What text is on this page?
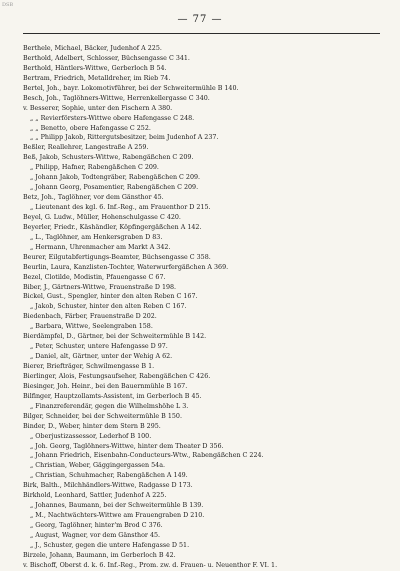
DSB
— 77 —
Berthele, Michael, Bäcker, Judenhof A 225.
Berthold, Adelbert, Schlosser, Büchsengasse C 341.
Berthold, Häntlers-Wittwe, Gerberloch B 54.
Bertram, Friedrich, Metalldreher, im Rieb 74.
Bertel, Joh., bayr. Lokomotivführer, bei der Schweitermühle B 140.
Besch, Joh., Taglöhners-Wittwe, Herrenkellergasse C 340.
v. Besserer, Sophie, unter den Fischern A 380.
„ „ Revierförsters-Wittwe obere Hafengasse C 248.
„ „ Benetto, obere Hafengasse C 252.
„ „ Philipp Jakob, Rittergutsbesitzer, beim Judenhof A 237.
Beßler, Reallehrer, Langestraße A 259.
Beß, Jakob, Schusters-Wittwe, Rabengäßchen C 209.
„ Philipp, Hafner, Rabengäßchen C 209.
„ Johann Jakob, Todtengräber, Rabengäßchen C 209.
„ Johann Georg, Posamentier, Rabengäßchen C 209.
Betz, Joh., Taglöhner, vor dem Gänsthor 45.
„ Lieutenant des kgl. 6. Inf.-Reg., am Frauenthor D 215.
Beyel, G. Ludw., Müller, Hohenschulgasse C 420.
Beyerler, Friedr., Käshändler, Köpfingergäßchen A 142.
„ L., Taglöhner, am Henkersgraben D 83.
„ Hermann, Uhrenmacher am Markt A 342.
Beurer, Eilgutabfertigungs-Beamter, Büchsengasse C 358.
Beurlin, Laura, Kanzlisten-Tochter, Waterwurfergäßchen A 369.
Bezel, Clotilde, Modistin, Pfauengasse C 67.
Biber, J., Gärtners-Wittwe, Frauenstraße D 198.
Bickel, Gust., Spengler, hinter den alten Reben C 167.
„ Jakob, Schuster, hinter den alten Reben C 167.
Biedenbach, Färber, Frauenstraße D 202.
„ Barbara, Wittwe, Seelengraben 158.
Bierdämpfel, D., Gärtner, bei der Schweitermühle B 142.
„ Peter, Schuster, untere Hafengasse D 97.
„ Daniel, alt, Gärtner, unter der Wehig A 62.
Bierer, Briefträger, Schwilmengasse B 1.
Bierlinger, Alois, Festungsaufseher, Rabengäßchen C 426.
Biesinger, Joh. Heinr., bei den Bauernmühle B 167.
Bilfinger, Hauptzollamts-Assistent, im Gerberloch B 45.
„ Finanzreferendär, gegen die Wilhelmshöhe L 3.
Bilger, Schneider, bei der Schweitermühle B 150.
Binder, D., Weber, hinter dem Stern B 295.
„ Oberjustizassessor, Lederhof B 100.
„ Joh. Georg, Taglöhners-Wittwe, hinter dem Theater D 356.
„ Johann Friedrich, Eisenbahn-Conducteurs-Wtw., Rabengäßchen C 224.
„ Christian, Weber, Gäggingergassen 54a.
„ Christian, Schuhmacher, Rabengäßchen A 149.
Birk, Balth., Milchhändlers-Wittwe, Radgasse D 173.
Birkhold, Leonhard, Sattler, Judenhof A 225.
„ Johannes, Baumann, bei der Schweitermühle B 139.
„ M., Nachtwächters-Wittwe am Frauengraben D 210.
„ Georg, Taglöhner, hinter'm Brod C 376.
„ August, Wagner, vor dem Gänsthor 45.
„ J., Schuster, gegen die untere Hafengasse D 51.
Birzele, Johann, Baumann, im Gerberloch B 42.
v. Bischoff, Oberst d. k. 6. Inf.-Reg., Prom. zw. d. Frauen- u. Neuenthor F. VI. 1.
